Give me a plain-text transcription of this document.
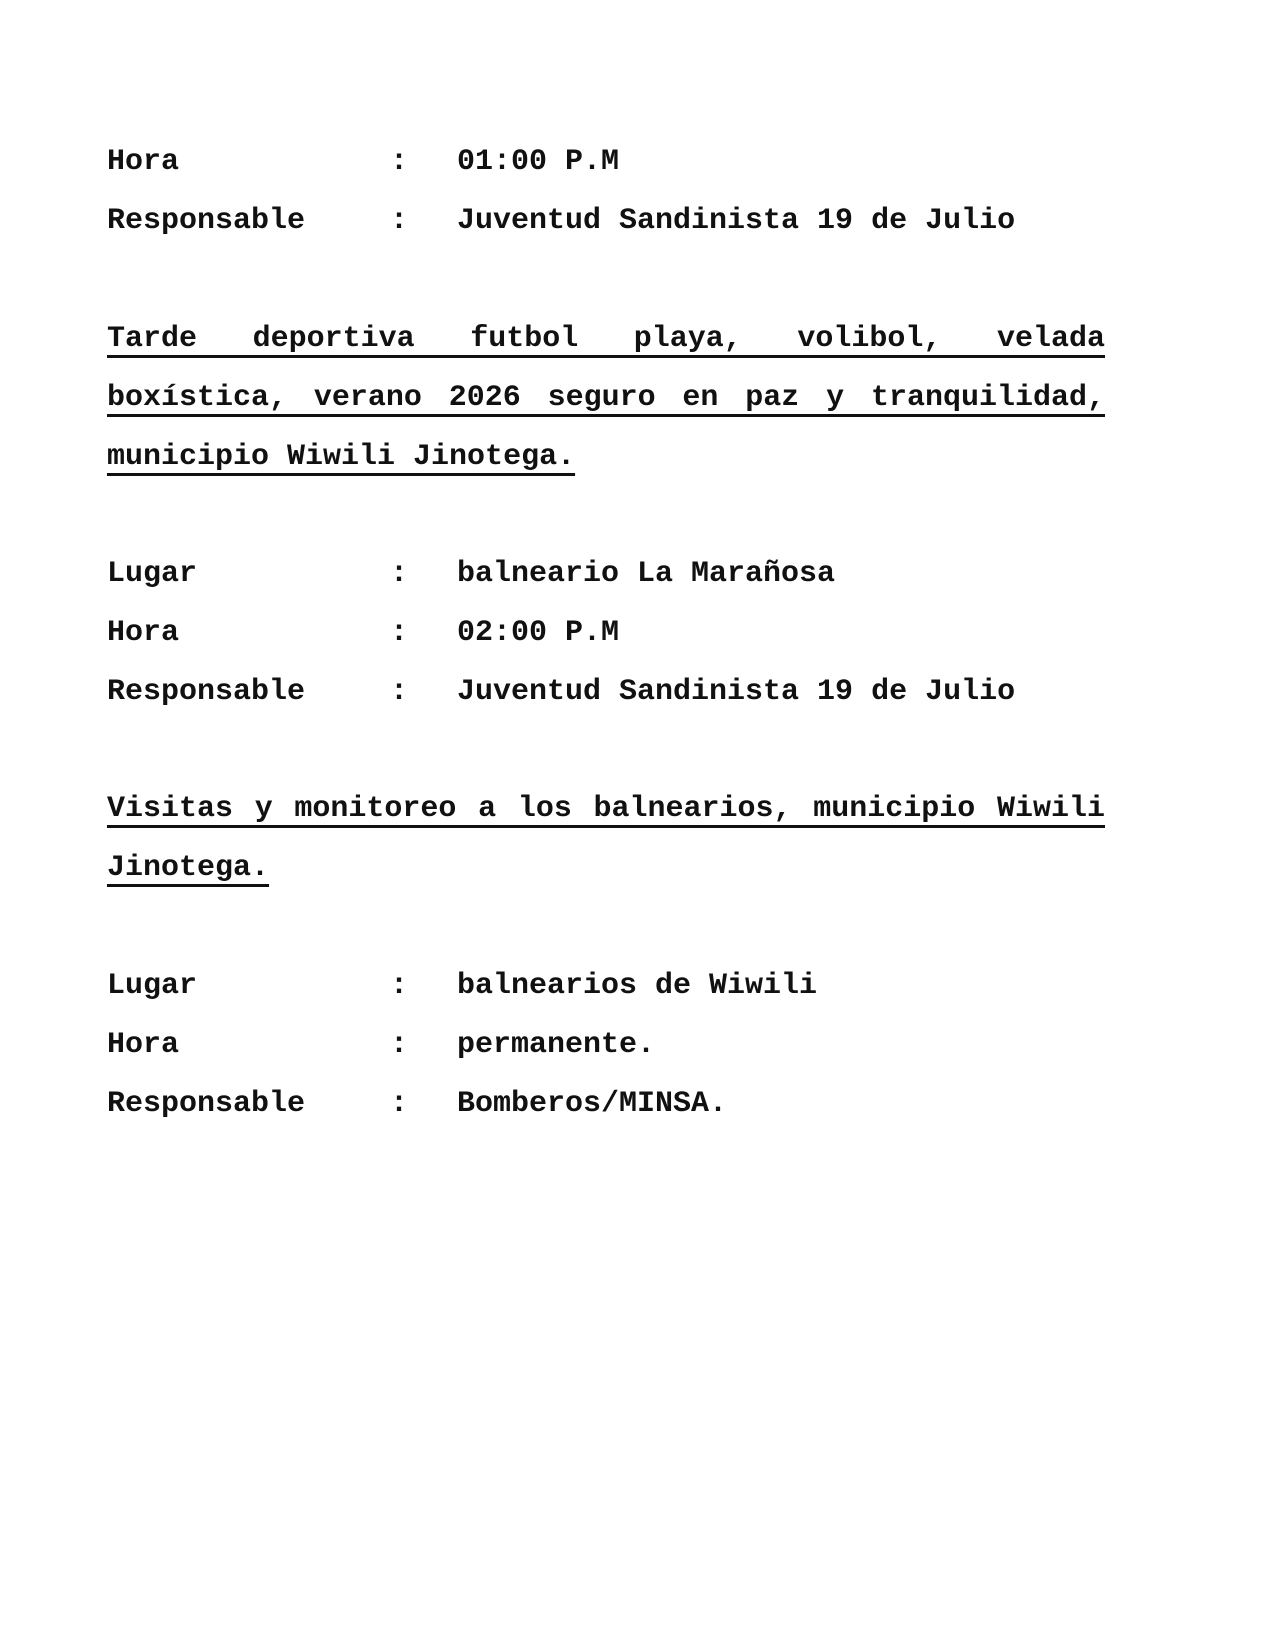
Hora	: 01:00 P.M
Responsable	: Juventud Sandinista 19 de Julio
Tarde deportiva futbol playa, volibol, velada boxística, verano 2026 seguro en paz y tranquilidad, municipio Wiwili Jinotega.
Lugar	: balneario La Marañosa
Hora	: 02:00 P.M
Responsable	: Juventud Sandinista 19 de Julio
Visitas y monitoreo a los balnearios, municipio Wiwili Jinotega.
Lugar	: balnearios de Wiwili
Hora	: permanente.
Responsable	: Bomberos/MINSA.
